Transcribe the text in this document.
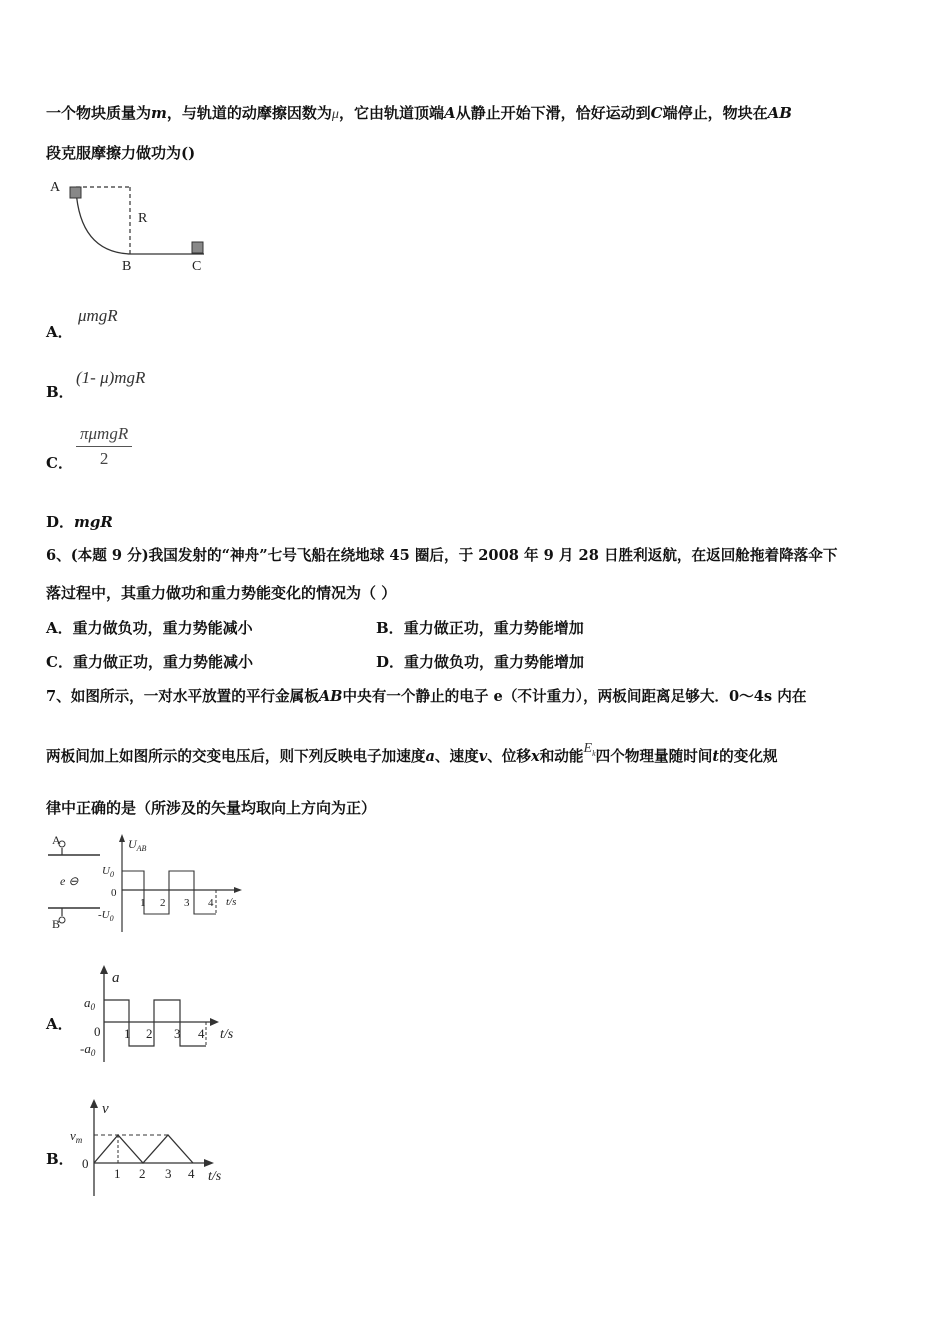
一个物块质量为m，与轨道的动摩擦因数为μ，它由轨道顶端A从静止开始下滑，恰好运动到C端停止，物块在AB
段克服摩擦力做功为()
A
R
B	C
A．
μmgR
B．
(1- μ)mgR
C．
πμmgR
2
D．mgR
6、(本题 9 分)我国发射的“神舟”七号飞船在绕地球 45 圈后，于 2008 年 9 月 28 日胜利返航，在返回舱拖着降落伞下
落过程中，其重力做功和重力势能变化的情况为（ ）
A．重力做负功，重力势能减小	B．重力做正功，重力势能增加
C．重力做正功，重力势能减小	D．重力做负功，重力势能增加
7、如图所示，一对水平放置的平行金属板AB中央有一个静止的电子 e（不计重力），两板间距离足够大．0～4s 内在
两板间加上如图所示的交变电压后，则下列反映电子加速度a、速度v、位移x和动能$E_k$四个物理量随时间t的变化规
律中正确的是（所涉及的矢量均取向上方向为正）
A
B
e ⊖
$U_{AB}$
$U_0$
$-U_0$
0
1 2 3 4 t/s
A．
a
$a_0$
$-a_0$
0 1 2 3 4 t/s
B．
v
$v_m$
0
1 2 3 4 t/s
